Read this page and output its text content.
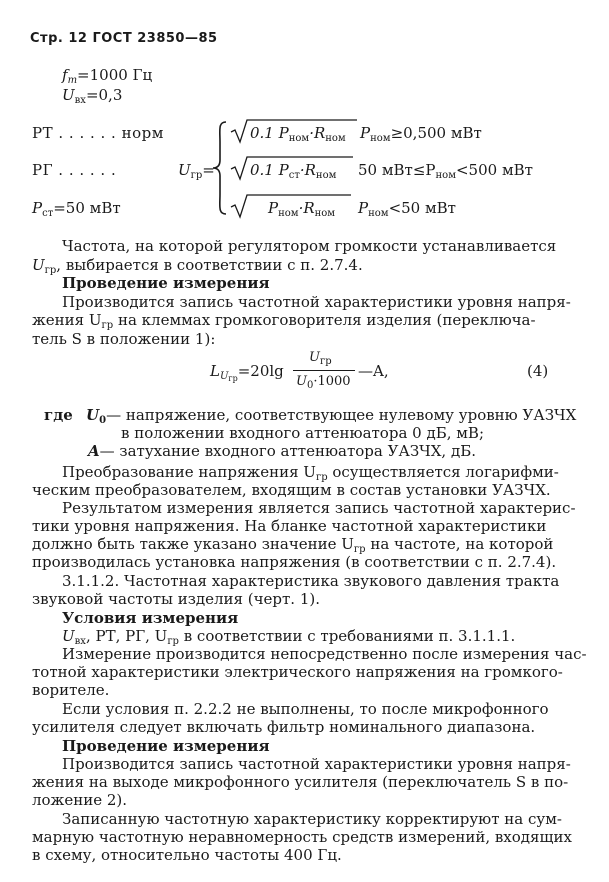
Стр. 12 ГОСТ 23850—85
$f_m=1000$ Гц
$U_{вх}=0,3$
РТ . . . . . . норм
РГ . . . . . .
$P_{ст}=50$ мВт
$U_{гр}=$
0.1 $P_{ном}\cdot R_{ном}$ $P_{ном}\ge 0,500$ мВт
0.1 $P_{ст}\cdot R_{ном}$ 50 $мВт\le P_{ном}<500$ мВт
$P_{ном}\cdot R_{ном}$ $P_{ном}<50$ мВт
Частота, на которой регулятором громкости устанавливается
$U_{гр}$, выбирается в соответствии с п. 2.7.4.
Проведение измерения
Производится запись частотной характеристики уровня напря-
жения $U_{гр}$ на клеммах громкоговорителя изделия (переключа-
тель S в положении 1):
$L_{Uгр}=20\lg$
$U_{гр}$
$U_0\cdot 1000$
—A,	(4)
где $U_0—$ напряжение, соответствующее нулевому уровню УАЗЧХ
в положении входного аттенюатора 0 дБ, мВ;
A— затухание входного аттенюатора УАЗЧХ, дБ.
Преобразование напряжения $U_{гр}$ осуществляется логарифми-
ческим преобразователем, входящим в состав установки УАЗЧХ.
Результатом измерения является запись частотной характерис-
тики уровня напряжения. На бланке частотной характеристики
должно быть также указано значение $U_{гр}$ на частоте, на которой
производилась установка напряжения (в соответствии с п. 2.7.4).
3.1.1.2. Частотная характеристика звукового давления тракта
звуковой частоты изделия (черт. 1).
Условия измерения
$U_{вх}$, РТ, РГ, $U_{гр}$ в соответствии с требованиями п. 3.1.1.1.
Измерение производится непосредственно после измерения час-
тотной характеристики электрического напряжения на громкого-
ворителе.
Если условия п. 2.2.2 не выполнены, то после микрофонного
усилителя следует включать фильтр номинального диапазона.
Проведение измерения
Производится запись частотной характеристики уровня напря-
жения на выходе микрофонного усилителя (переключатель S в по-
ложение 2).
Записанную частотную характеристику корректируют на сум-
марную частотную неравномерность средств измерений, входящих
в схему, относительно частоты 400 Гц.
